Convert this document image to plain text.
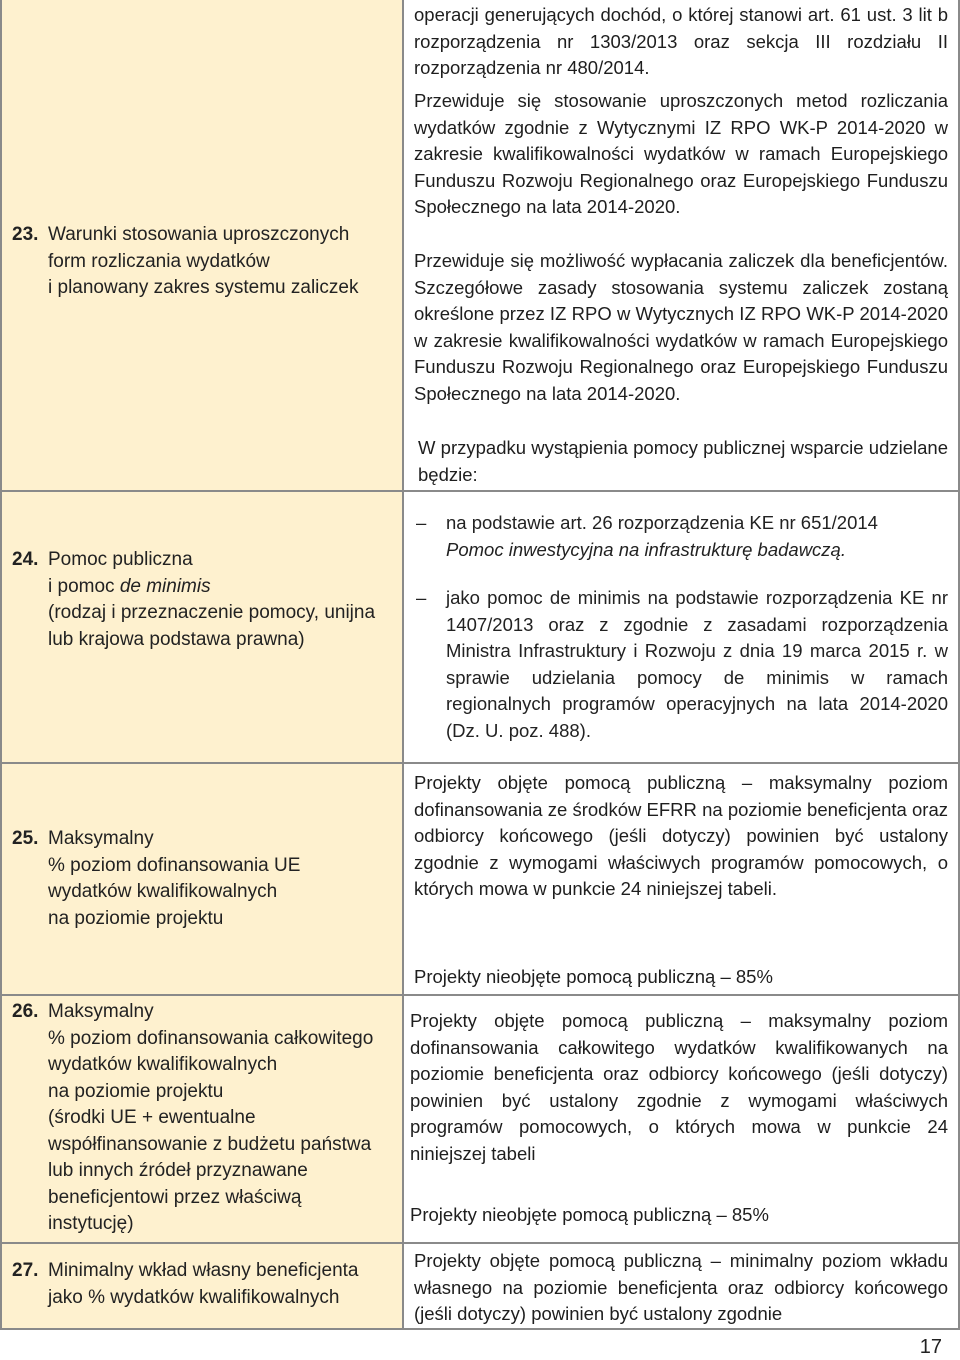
23. Warunki stosowania uproszczonych
form rozliczania wydatków
i planowany zakres systemu zaliczek
operacji generujących dochód, o której stanowi art. 61 ust. 3 lit b rozporządzenia nr 1303/2013 oraz sekcja III rozdziału II rozporządzenia nr 480/2014.
Przewiduje się stosowanie uproszczonych metod rozliczania wydatków zgodnie z Wytycznymi IZ RPO WK-P 2014-2020 w zakresie kwalifikowalności wydatków w ramach Europejskiego Funduszu Rozwoju Regionalnego oraz Europejskiego Funduszu Społecznego na lata 2014-2020.
Przewiduje się możliwość wypłacania zaliczek dla beneficjentów. Szczegółowe zasady stosowania systemu zaliczek zostaną określone przez IZ RPO w Wytycznych IZ RPO WK-P 2014-2020 w zakresie kwalifikowalności wydatków w ramach Europejskiego Funduszu Rozwoju Regionalnego oraz Europejskiego Funduszu Społecznego na lata 2014-2020.
W przypadku wystąpienia pomocy publicznej wsparcie udzielane będzie:
24. Pomoc publiczna
i pomoc de minimis
(rodzaj i przeznaczenie pomocy, unijna
lub krajowa podstawa prawna)
–	na podstawie art. 26 rozporządzenia KE nr 651/2014
Pomoc inwestycyjna na infrastrukturę badawczą.
–	jako pomoc de minimis na podstawie rozporządzenia KE nr 1407/2013 oraz z zgodnie z zasadami rozporządzenia Ministra Infrastruktury i Rozwoju z dnia 19 marca 2015 r. w sprawie udzielania pomocy de minimis w ramach regionalnych programów operacyjnych na lata 2014-2020 (Dz. U. poz. 488).
25. Maksymalny
% poziom dofinansowania UE
wydatków kwalifikowalnych
na poziomie projektu
Projekty objęte pomocą publiczną – maksymalny poziom dofinansowania ze środków EFRR na poziomie beneficjenta oraz odbiorcy końcowego (jeśli dotyczy) powinien być ustalony zgodnie z wymogami właściwych programów pomocowych, o których mowa w punkcie 24 niniejszej tabeli.
Projekty nieobjęte pomocą publiczną – 85%
26. Maksymalny
% poziom dofinansowania całkowitego
wydatków kwalifikowalnych
na poziomie projektu
(środki UE + ewentualne
współfinansowanie z budżetu państwa
lub innych źródeł przyznawane
beneficjentowi przez właściwą
instytucję)
Projekty objęte pomocą publiczną – maksymalny poziom dofinansowania całkowitego wydatków kwalifikowanych na poziomie beneficjenta oraz odbiorcy końcowego (jeśli dotyczy) powinien być ustalony zgodnie z wymogami właściwych programów pomocowych, o których mowa w punkcie 24 niniejszej tabeli
Projekty nieobjęte pomocą publiczną – 85%
27. Minimalny wkład własny beneficjenta
jako % wydatków kwalifikowalnych
Projekty objęte pomocą publiczną – minimalny poziom wkładu własnego na poziomie beneficjenta oraz odbiorcy końcowego (jeśli dotyczy) powinien być ustalony zgodnie
17
